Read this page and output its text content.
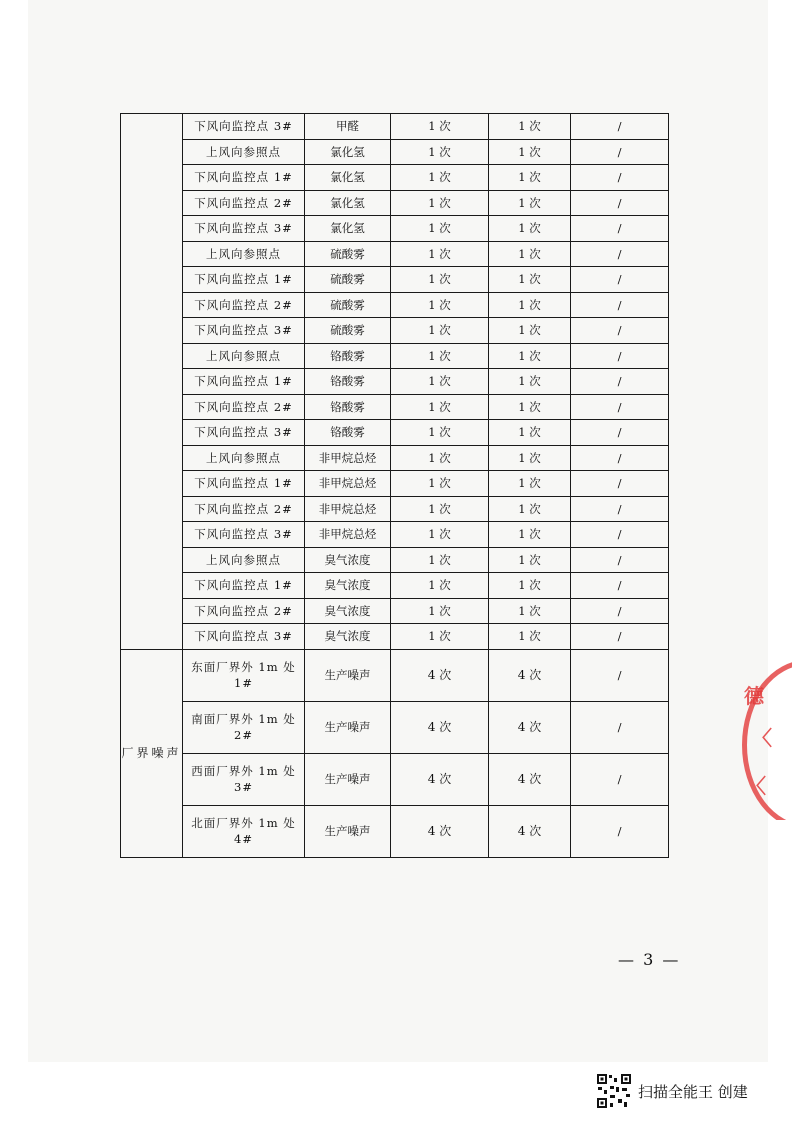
	下风向监控点 3#	甲醛	1 次	1 次	/
	上风向参照点	氯化氢	1 次	1 次	/
	下风向监控点 1#	氯化氢	1 次	1 次	/
	下风向监控点 2#	氯化氢	1 次	1 次	/
	下风向监控点 3#	氯化氢	1 次	1 次	/
	上风向参照点	硫酸雾	1 次	1 次	/
	下风向监控点 1#	硫酸雾	1 次	1 次	/
	下风向监控点 2#	硫酸雾	1 次	1 次	/
	下风向监控点 3#	硫酸雾	1 次	1 次	/
	上风向参照点	铬酸雾	1 次	1 次	/
	下风向监控点 1#	铬酸雾	1 次	1 次	/
	下风向监控点 2#	铬酸雾	1 次	1 次	/
	下风向监控点 3#	铬酸雾	1 次	1 次	/
	上风向参照点	非甲烷总烃	1 次	1 次	/
	下风向监控点 1#	非甲烷总烃	1 次	1 次	/
	下风向监控点 2#	非甲烷总烃	1 次	1 次	/
	下风向监控点 3#	非甲烷总烃	1 次	1 次	/
	上风向参照点	臭气浓度	1 次	1 次	/
	下风向监控点 1#	臭气浓度	1 次	1 次	/
	下风向监控点 2#	臭气浓度	1 次	1 次	/
	下风向监控点 3#	臭气浓度	1 次	1 次	/
厂界噪声	东面厂界外 1m 处 1#	生产噪声	4 次	4 次	/
	南面厂界外 1m 处 2#	生产噪声	4 次	4 次	/
	西面厂界外 1m 处 3#	生产噪声	4 次	4 次	/
	北面厂界外 1m 处 4#	生产噪声	4 次	4 次	/
德
〈
〈
— 3 —
扫描全能王 创建
